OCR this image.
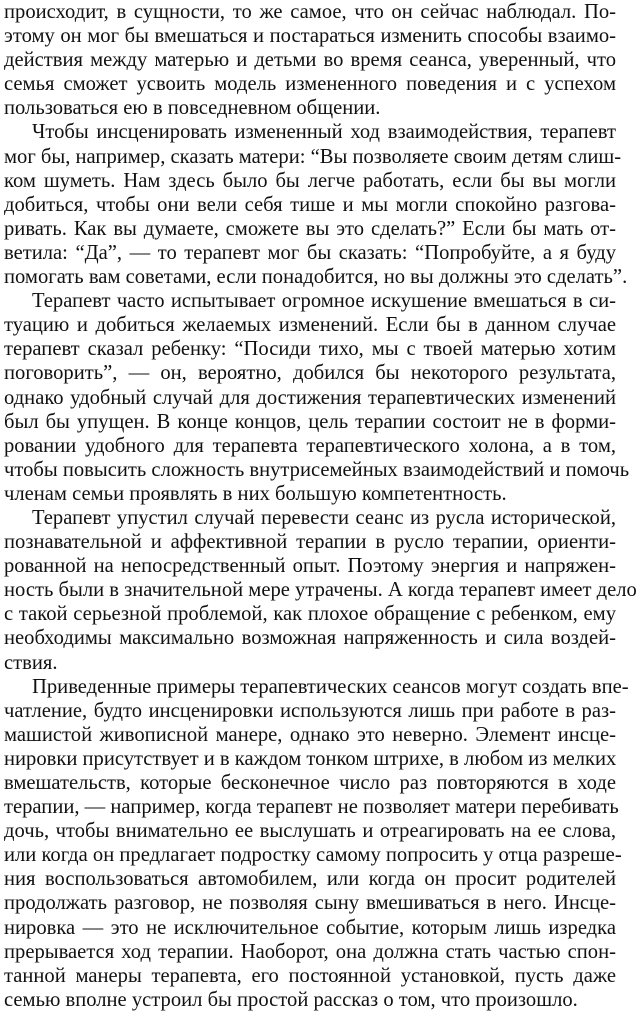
происходит, в сущности, то же самое, что он сейчас наблюдал. По-
этому он мог бы вмешаться и постараться изменить способы взаимо-
действия между матерью и детьми во время сеанса, уверенный, что
семья сможет усвоить модель измененного поведения и с успехом
пользоваться ею в повседневном общении.
Чтобы инсценировать измененный ход взаимодействия, терапевт
мог бы, например, сказать матери: “Вы позволяете своим детям слиш-
ком шуметь. Нам здесь было бы легче работать, если бы вы могли
добиться, чтобы они вели себя тише и мы могли спокойно разгова-
ривать. Как вы думаете, сможете вы это сделать?” Если бы мать от-
ветила: “Да”, — то терапевт мог бы сказать: “Попробуйте, а я буду
помогать вам советами, если понадобится, но вы должны это сделать”.
Терапевт часто испытывает огромное искушение вмешаться в си-
туацию и добиться желаемых изменений. Если бы в данном случае
терапевт сказал ребенку: “Посиди тихо, мы с твоей матерью хотим
поговорить”, — он, вероятно, добился бы некоторого результата,
однако удобный случай для достижения терапевтических изменений
был бы упущен. В конце концов, цель терапии состоит не в форми-
ровании удобного для терапевта терапевтического холона, а в том,
чтобы повысить сложность внутрисемейных взаимодействий и помочь
членам семьи проявлять в них большую компетентность.
Терапевт упустил случай перевести сеанс из русла исторической,
познавательной и аффективной терапии в русло терапии, ориенти-
рованной на непосредственный опыт. Поэтому энергия и напряжен-
ность были в значительной мере утрачены. А когда терапевт имеет дело
с такой серьезной проблемой, как плохое обращение с ребенком, ему
необходимы максимально возможная напряженность и сила воздей-
ствия.
Приведенные примеры терапевтических сеансов могут создать впе-
чатление, будто инсценировки используются лишь при работе в раз-
машистой живописной манере, однако это неверно. Элемент инсце-
нировки присутствует и в каждом тонком штрихе, в любом из мелких
вмешательств, которые бесконечное число раз повторяются в ходе
терапии, — например, когда терапевт не позволяет матери перебивать
дочь, чтобы внимательно ее выслушать и отреагировать на ее слова,
или когда он предлагает подростку самому попросить у отца разреше-
ния воспользоваться автомобилем, или когда он просит родителей
продолжать разговор, не позволяя сыну вмешиваться в него. Инсце-
нировка — это не исключительное событие, которым лишь изредка
прерывается ход терапии. Наоборот, она должна стать частью спон-
танной манеры терапевта, его постоянной установкой, пусть даже
семью вполне устроил бы простой рассказ о том, что произошло.
